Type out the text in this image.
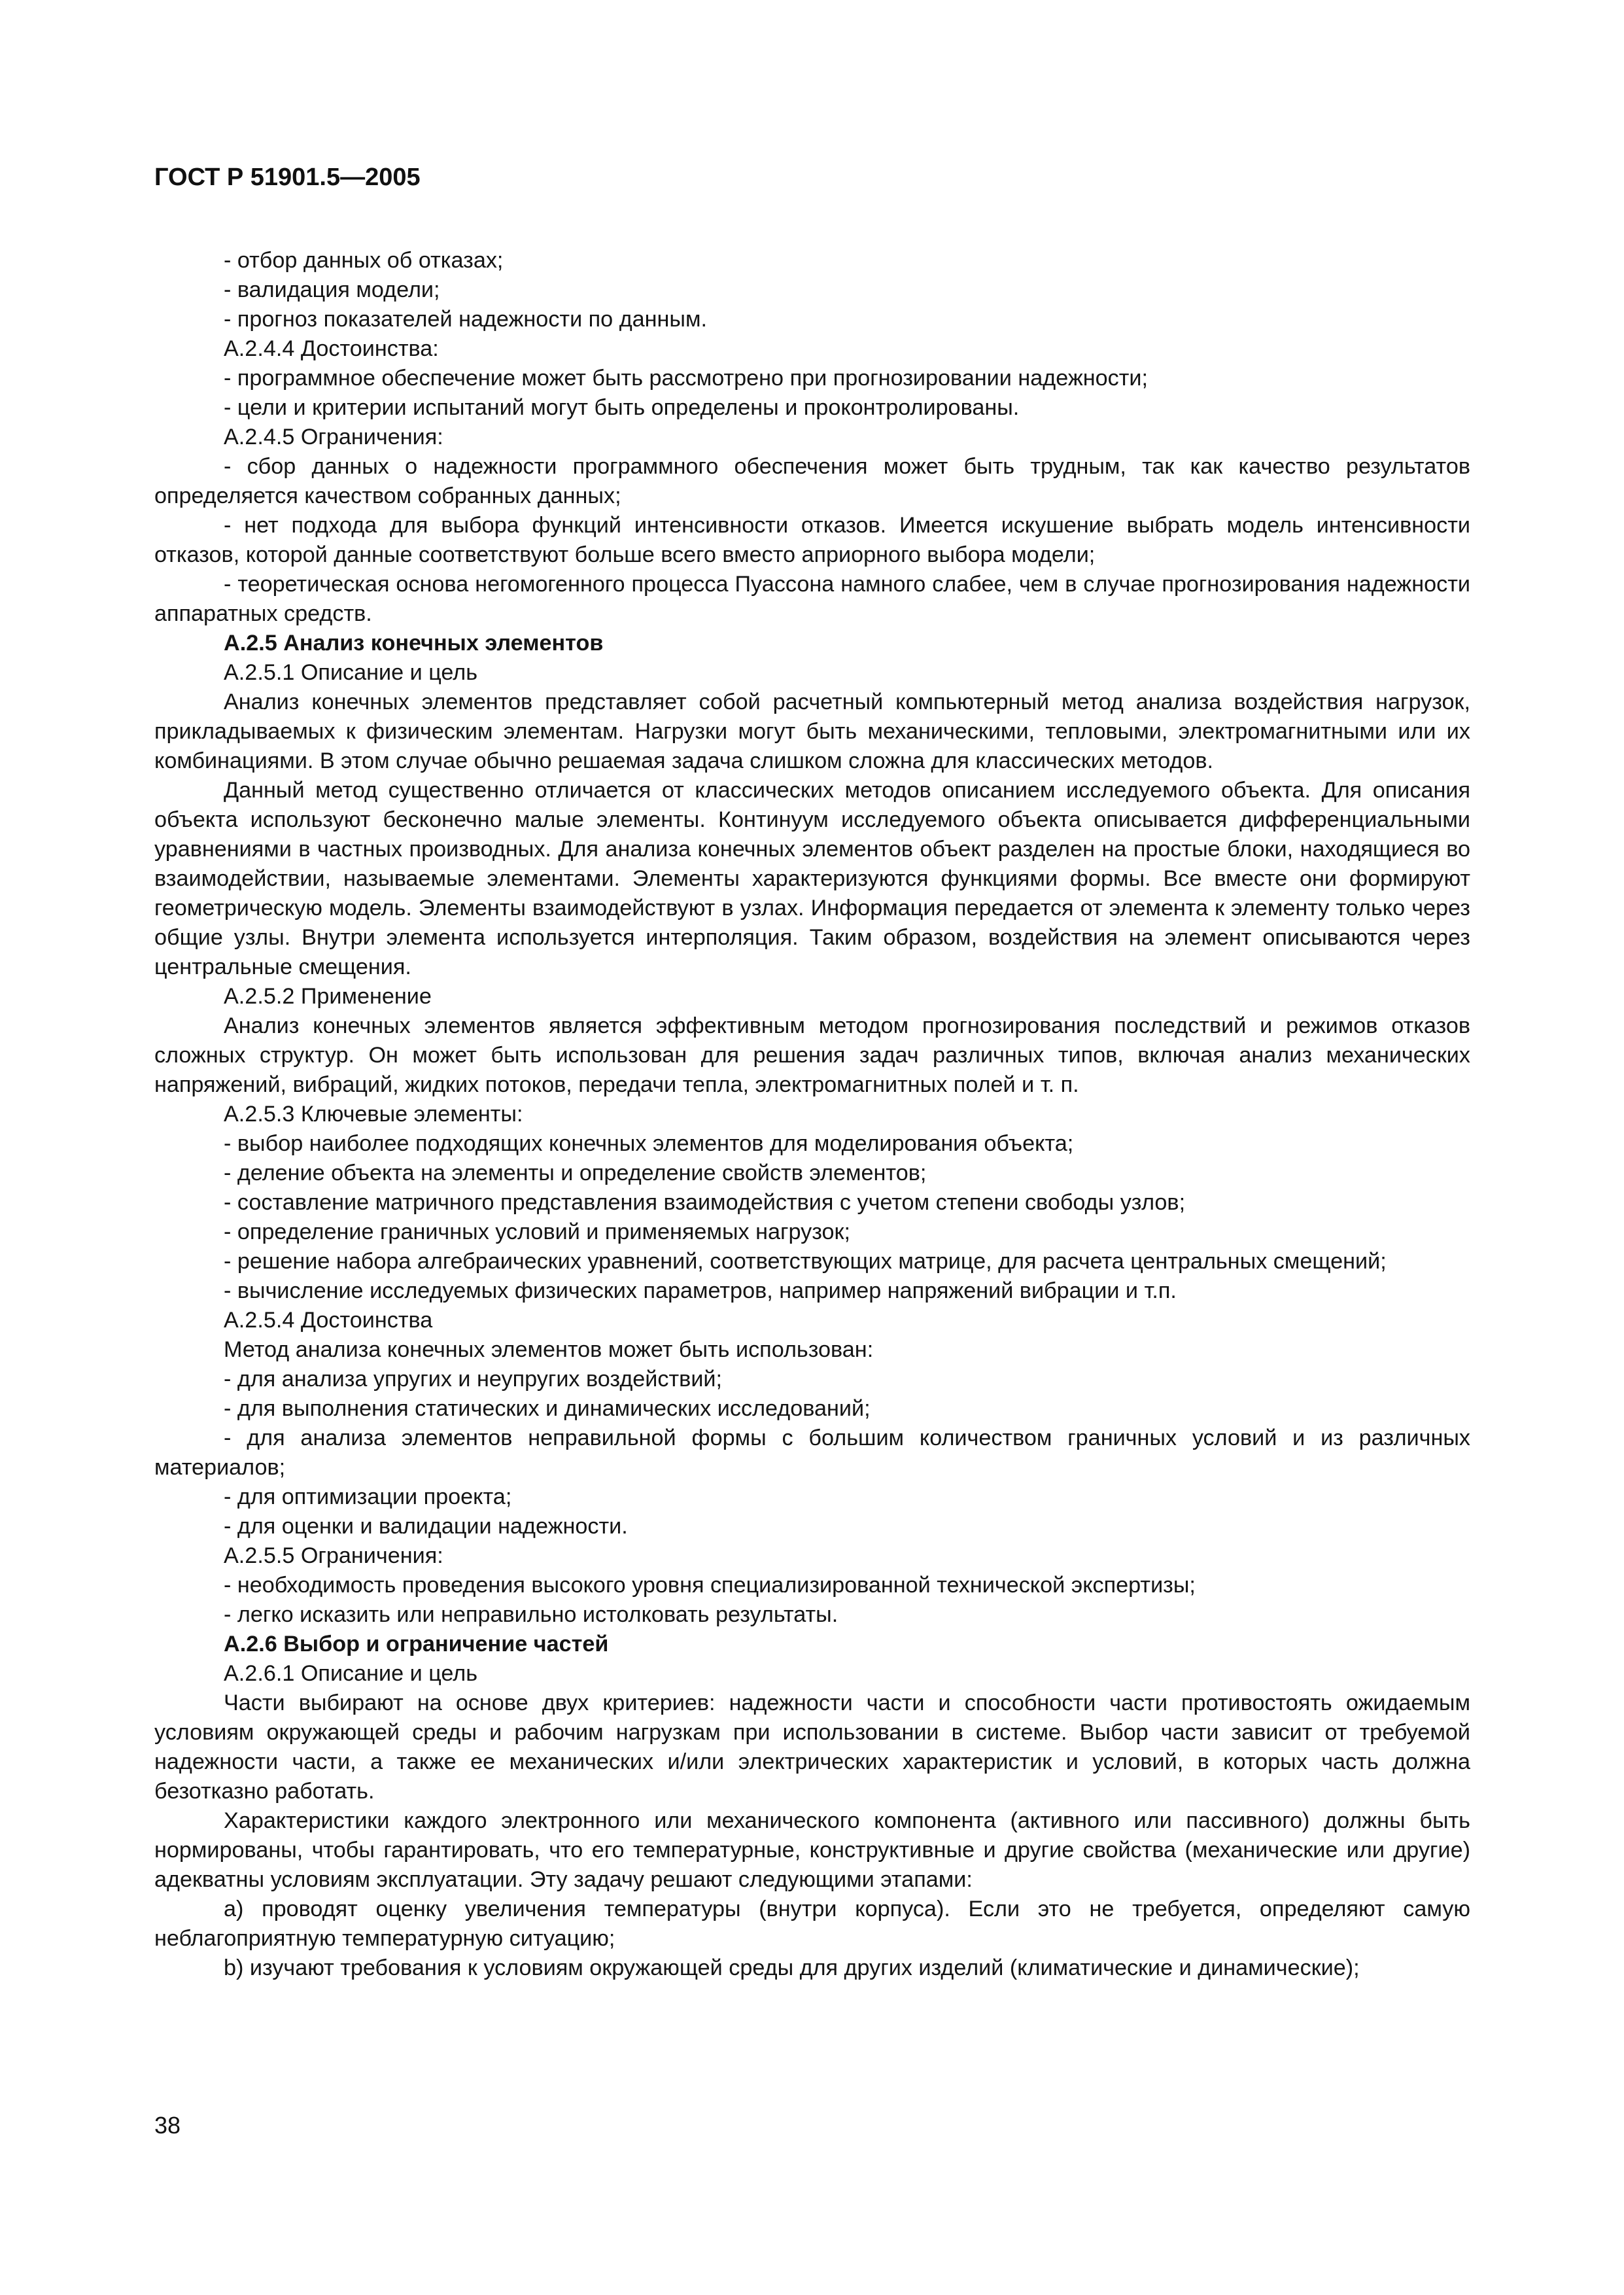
ГОСТ Р 51901.5—2005

- отбор данных об отказах;

- валидация модели;

- прогноз показателей надежности по данным.

А.2.4.4 Достоинства:

- программное обеспечение может быть рассмотрено при прогнозировании надежности;

- цели и критерии испытаний могут быть определены и проконтролированы.

А.2.4.5 Ограничения:

- сбор данных о надежности программного обеспечения может быть трудным, так как качество результатов определяется качеством собранных данных;

- нет подхода для выбора функций интенсивности отказов. Имеется искушение выбрать модель интенсивности отказов, которой данные соответствуют больше всего вместо априорного выбора модели;

- теоретическая основа негомогенного процесса Пуассона намного слабее, чем в случае прогнозирования надежности аппаратных средств.

А.2.5 Анализ конечных элементов

А.2.5.1 Описание и цель

Анализ конечных элементов представляет собой расчетный компьютерный метод анализа воздействия нагрузок, прикладываемых к физическим элементам. Нагрузки могут быть механическими, тепловыми, электромагнитными или их комбинациями. В этом случае обычно решаемая задача слишком сложна для классических методов.

Данный метод существенно отличается от классических методов описанием исследуемого объекта. Для описания объекта используют бесконечно малые элементы. Континуум исследуемого объекта описывается дифференциальными уравнениями в частных производных. Для анализа конечных элементов объект разделен на простые блоки, находящиеся во взаимодействии, называемые элементами. Элементы характеризуются функциями формы. Все вместе они формируют геометрическую модель. Элементы взаимодействуют в узлах. Информация передается от элемента к элементу только через общие узлы. Внутри элемента используется интерполяция. Таким образом, воздействия на элемент описываются через центральные смещения.

А.2.5.2 Применение

Анализ конечных элементов является эффективным методом прогнозирования последствий и режимов отказов сложных структур. Он может быть использован для решения задач различных типов, включая анализ механических напряжений, вибраций, жидких потоков, передачи тепла, электромагнитных полей и т. п.

А.2.5.3 Ключевые элементы:

- выбор наиболее подходящих конечных элементов для моделирования объекта;

- деление объекта на элементы и определение свойств элементов;

- составление матричного представления взаимодействия с учетом степени свободы узлов;

- определение граничных условий и применяемых нагрузок;

- решение набора алгебраических уравнений, соответствующих матрице, для расчета центральных смещений;

- вычисление исследуемых физических параметров, например напряжений вибрации и т.п.

А.2.5.4 Достоинства

Метод анализа конечных элементов может быть использован:

- для анализа упругих и неупругих воздействий;

- для выполнения статических и динамических исследований;

- для анализа элементов неправильной формы с большим количеством граничных условий и из различных материалов;

- для оптимизации проекта;

- для оценки и валидации надежности.

А.2.5.5 Ограничения:

- необходимость проведения высокого уровня специализированной технической экспертизы;

- легко исказить или неправильно истолковать результаты.

А.2.6 Выбор и ограничение частей

А.2.6.1 Описание и цель

Части выбирают на основе двух критериев: надежности части и способности части противостоять ожидаемым условиям окружающей среды и рабочим нагрузкам при использовании в системе. Выбор части зависит от требуемой надежности части, а также ее механических и/или электрических характеристик и условий, в которых часть должна безотказно работать.

Характеристики каждого электронного или механического компонента (активного или пассивного) должны быть нормированы, чтобы гарантировать, что его температурные, конструктивные и другие свойства (механические или другие) адекватны условиям эксплуатации. Эту задачу решают следующими этапами:

а) проводят оценку увеличения температуры (внутри корпуса). Если это не требуется, определяют самую неблагоприятную температурную ситуацию;

b) изучают требования к условиям окружающей среды для других изделий (климатические и динамические);

38
